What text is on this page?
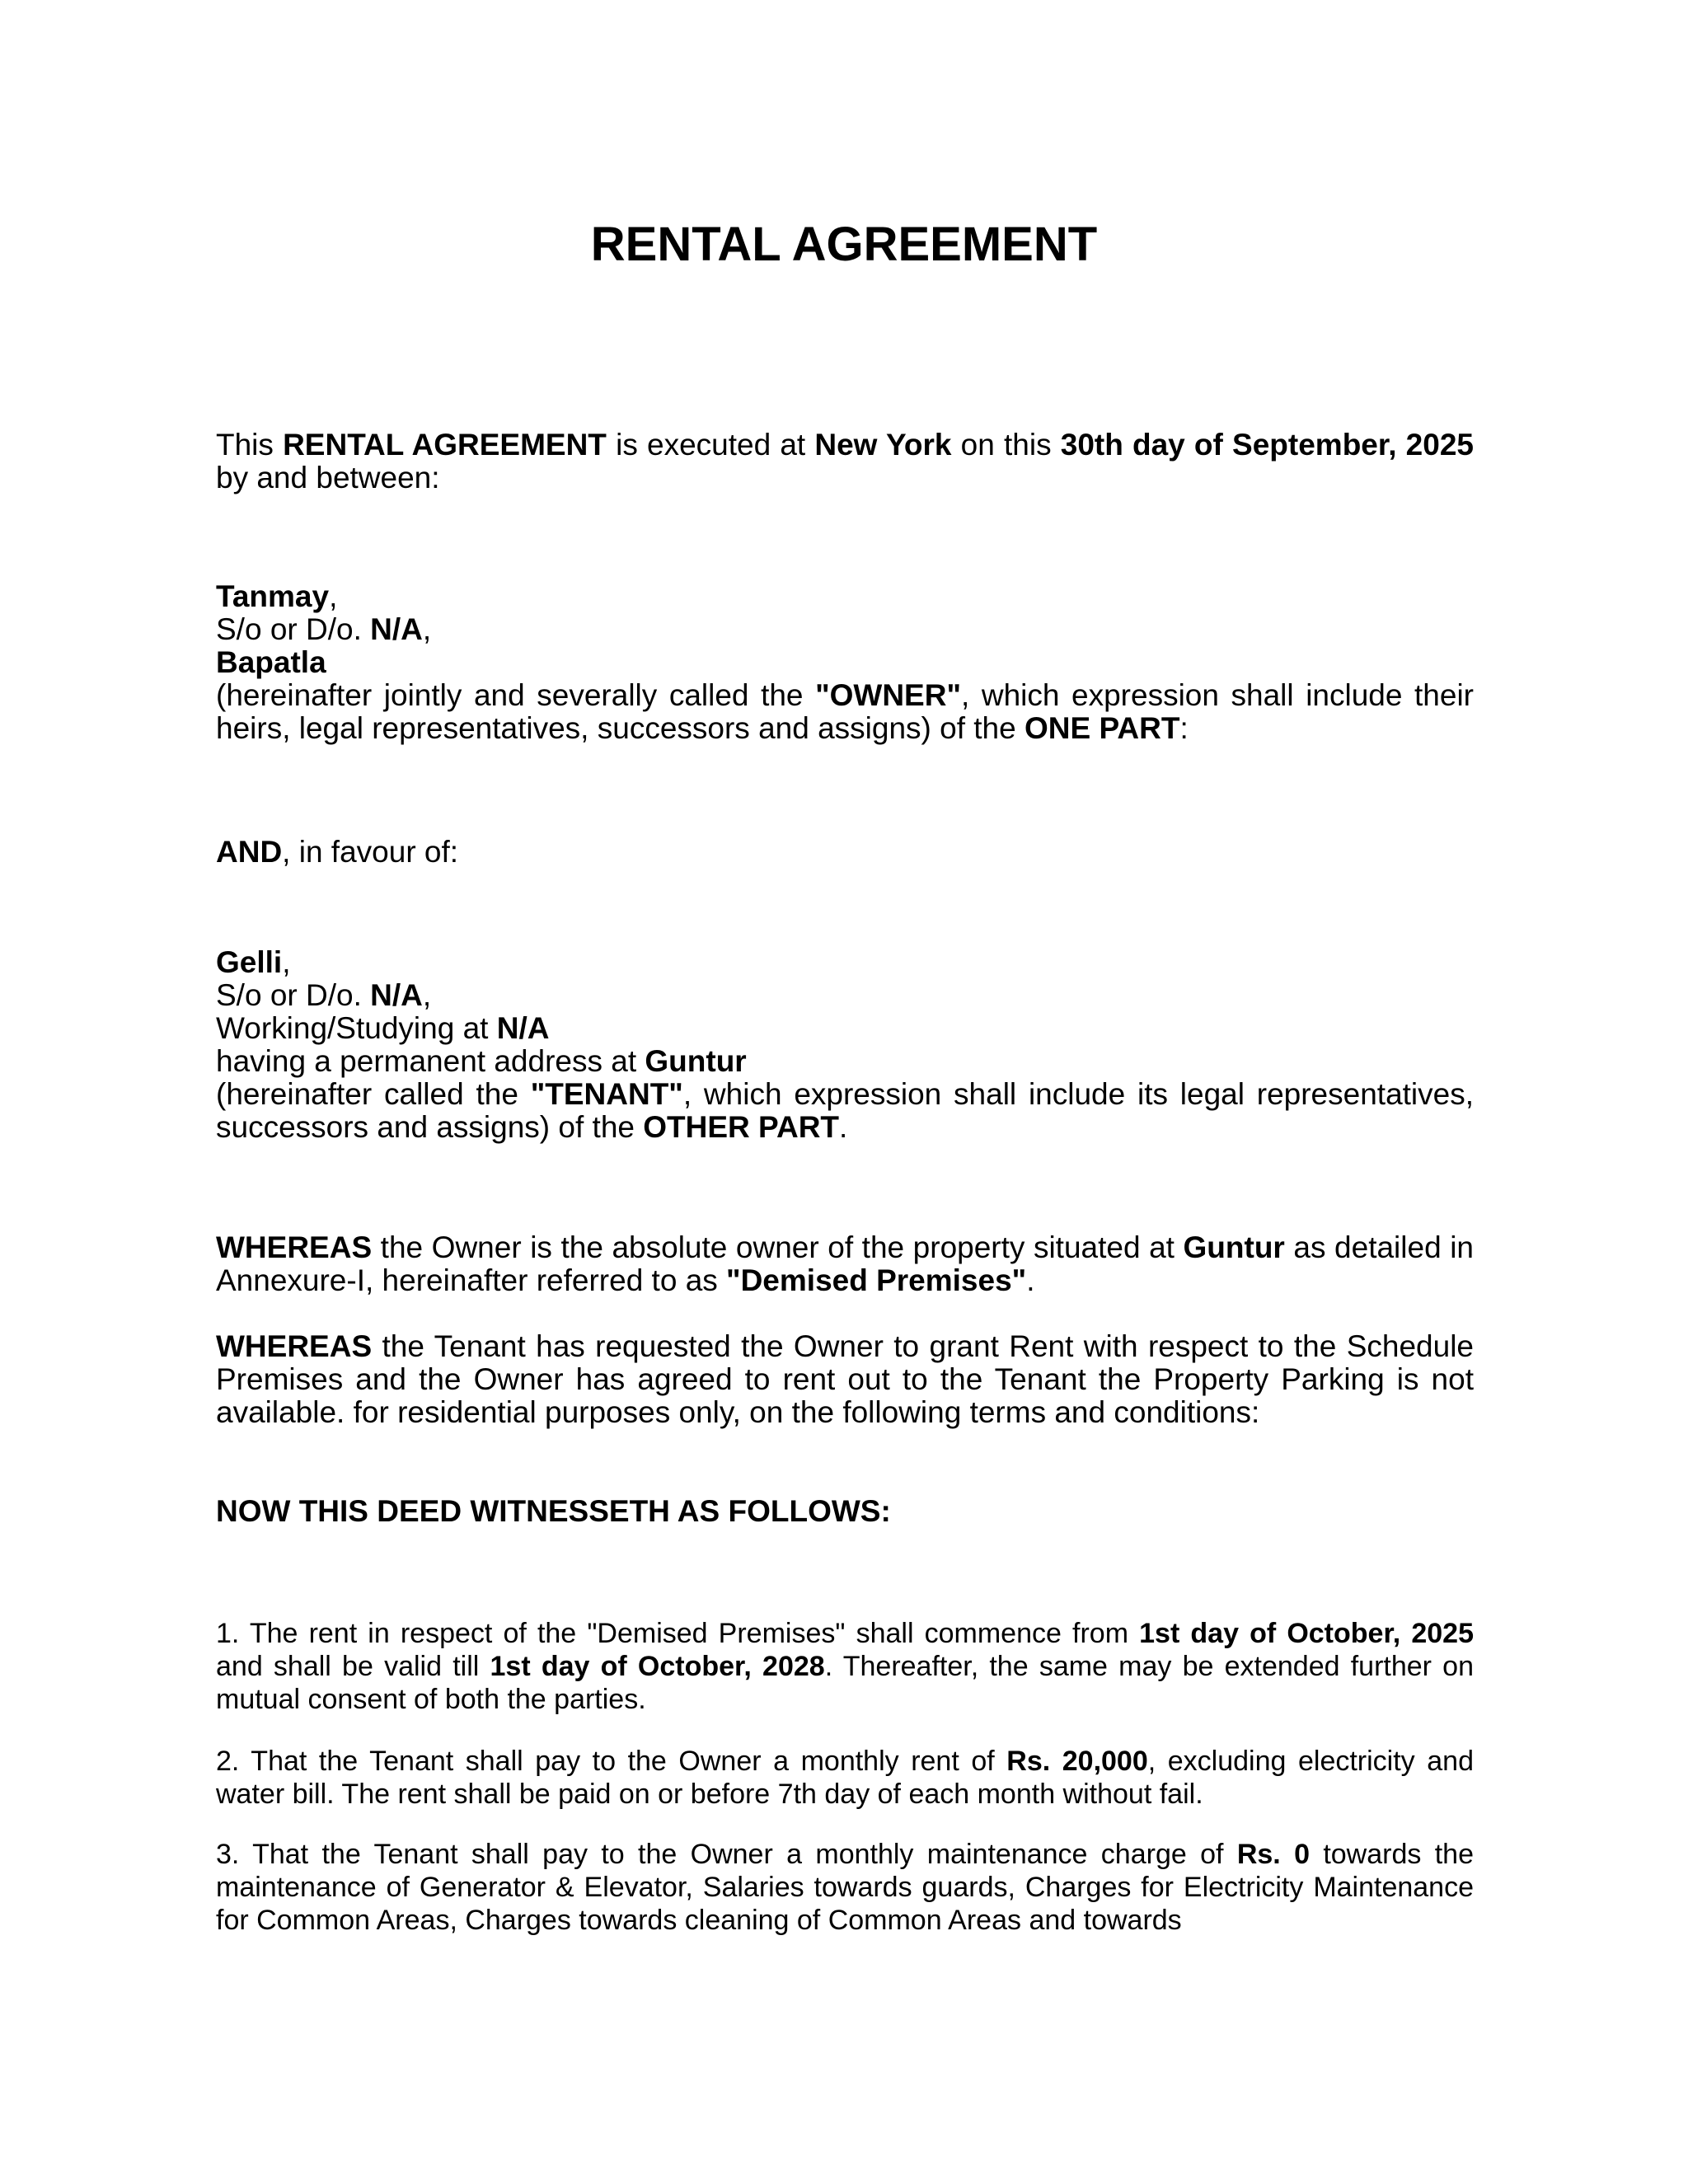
RENTAL AGREEMENT

This RENTAL AGREEMENT is executed at New York on this 30th day of September, 2025 by and between:

Tanmay,
S/o or D/o. N/A,
Bapatla
(hereinafter jointly and severally called the "OWNER", which expression shall include their heirs, legal representatives, successors and assigns) of the ONE PART:

AND, in favour of:

Gelli,
S/o or D/o. N/A,
Working/Studying at N/A
having a permanent address at Guntur
(hereinafter called the "TENANT", which expression shall include its legal representatives, successors and assigns) of the OTHER PART.

WHEREAS the Owner is the absolute owner of the property situated at Guntur as detailed in Annexure-I, hereinafter referred to as "Demised Premises".

WHEREAS the Tenant has requested the Owner to grant Rent with respect to the Schedule Premises and the Owner has agreed to rent out to the Tenant the Property Parking is not available. for residential purposes only, on the following terms and conditions:

NOW THIS DEED WITNESSETH AS FOLLOWS:

1. The rent in respect of the "Demised Premises" shall commence from 1st day of October, 2025 and shall be valid till 1st day of October, 2028. Thereafter, the same may be extended further on mutual consent of both the parties.

2. That the Tenant shall pay to the Owner a monthly rent of Rs. 20,000, excluding electricity and water bill. The rent shall be paid on or before 7th day of each month without fail.

3. That the Tenant shall pay to the Owner a monthly maintenance charge of Rs. 0 towards the maintenance of Generator & Elevator, Salaries towards guards, Charges for Electricity Maintenance for Common Areas, Charges towards cleaning of Common Areas and towards
